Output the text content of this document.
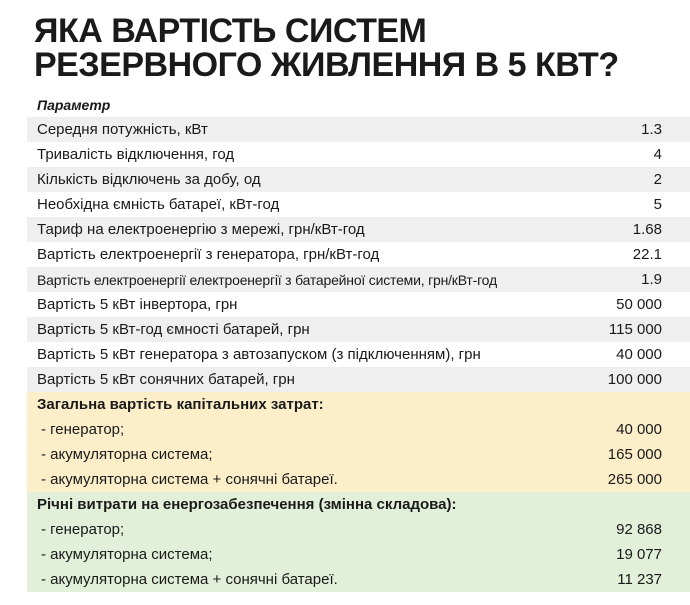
ЯКА ВАРТІСТЬ СИСТЕМ
РЕЗЕРВНОГО ЖИВЛЕННЯ В 5 КВТ?
Параметр
Середня потужність, кВт	1.3
Тривалість відключення, год	4
Кількість відключень за добу, од	2
Необхідна ємність батареї, кВт-год	5
Тариф на електроенергію з мережі, грн/кВт-год	1.68
Вартість електроенергії з генератора, грн/кВт-год	22.1
Вартість електроенергії електроенергії з батарейної системи, грн/кВт-год	1.9
Вартість 5 кВт інвертора, грн	50 000
Вартість 5 кВт-год ємності батарей, грн	115 000
Вартість 5 кВт генератора з автозапуском (з підключенням), грн	40 000
Вартість 5 кВт сонячних батарей, грн	100 000
Загальна вартість капітальних затрат:
- генератор;	40 000
- акумуляторна система;	165 000
- акумуляторна система + сонячні батареї.	265 000
Річні витрати на енергозабезпечення (змінна складова):
- генератор;	92 868
- акумуляторна система;	19 077
- акумуляторна система + сонячні батареї.	11 237
